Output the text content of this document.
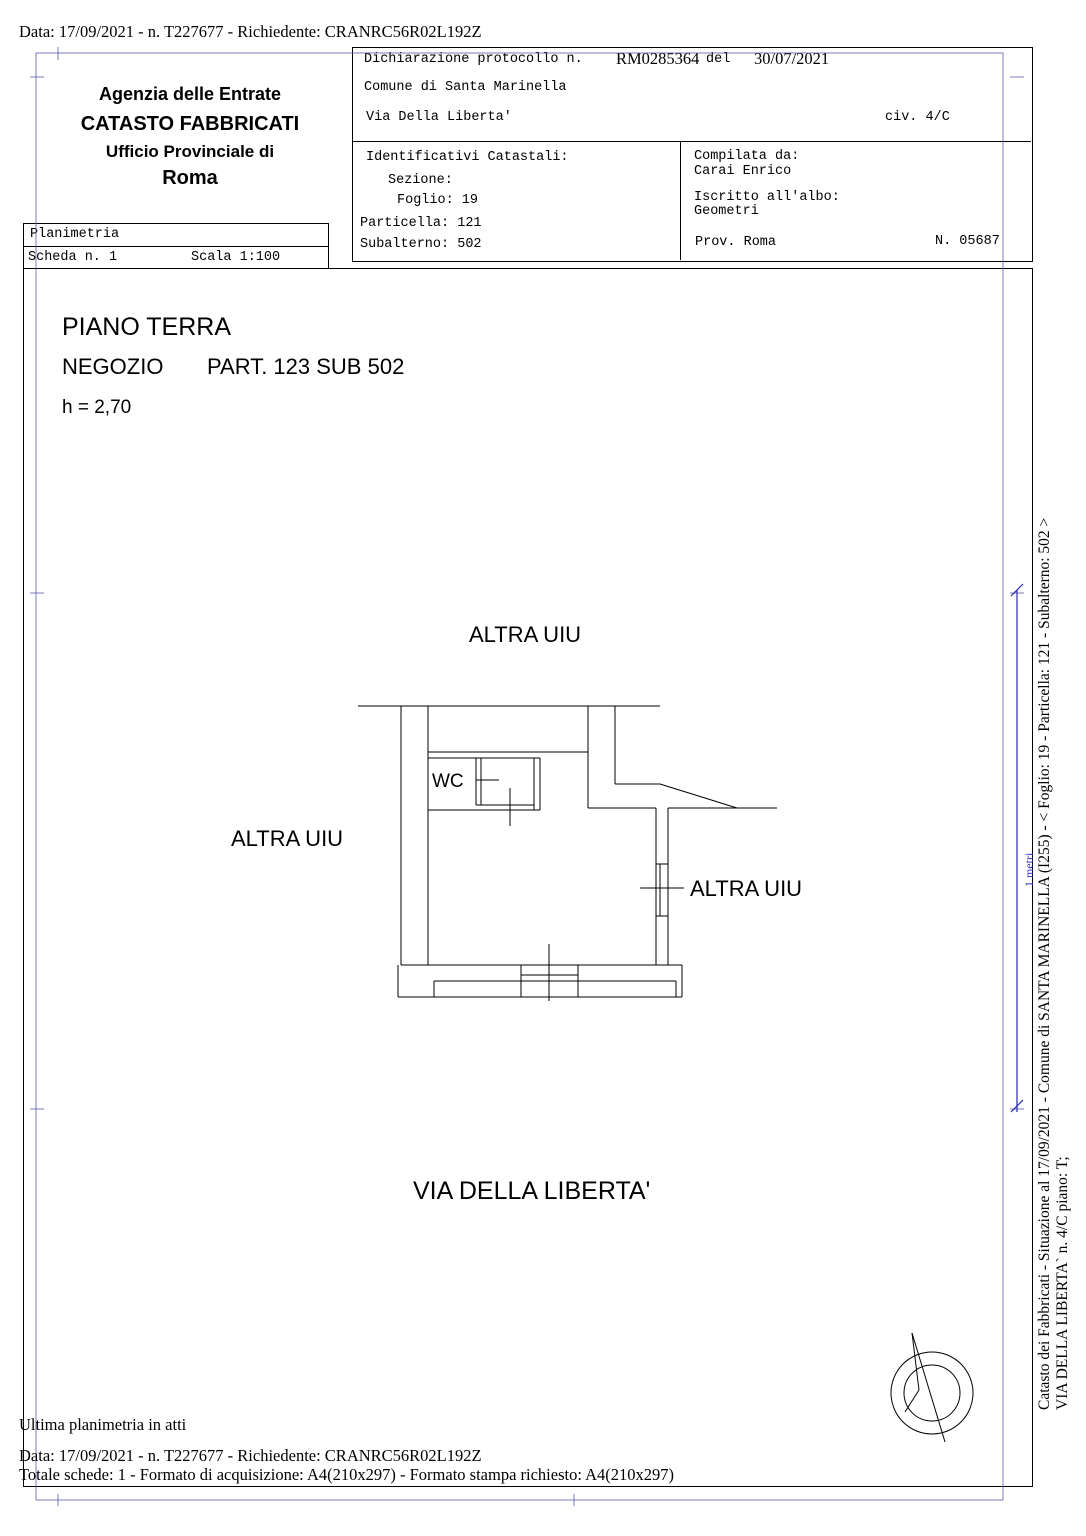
Data: 17/09/2021 - n. T227677 - Richiedente: CRANRC56R02L192Z
Agenzia delle Entrate
CATASTO FABBRICATI
Ufficio Provinciale di
Roma
Planimetria
Scheda n. 1	Scala 1:100
Dichiarazione protocollo n. RM0285364 del 30/07/2021
Comune di Santa Marinella
Via Della Liberta'	civ. 4/C
Identificativi Catastali:
Sezione:
Foglio: 19
Particella: 121
Subalterno: 502
Compilata da:
Carai Enrico
Iscritto all'albo:
Geometri
Prov. Roma	N. 05687
PIANO TERRA
NEGOZIO PART. 123 SUB 502
h = 2,70
ALTRA UIU
ALTRA UIU
ALTRA UIU
WC
VIA DELLA LIBERTA'
1 metri Catasto dei Fabbricati - Situazione al 17/09/2021 - Comune di SANTA MARINELLA (I255) - < Foglio: 19 - Particella: 121 - Subalterno: 502 > VIA DELLA LIBERTA` n. 4/C piano: T;
Ultima planimetria in atti
Data: 17/09/2021 - n. T227677 - Richiedente: CRANRC56R02L192Z
Totale schede: 1 - Formato di acquisizione: A4(210x297) - Formato stampa richiesto: A4(210x297)
